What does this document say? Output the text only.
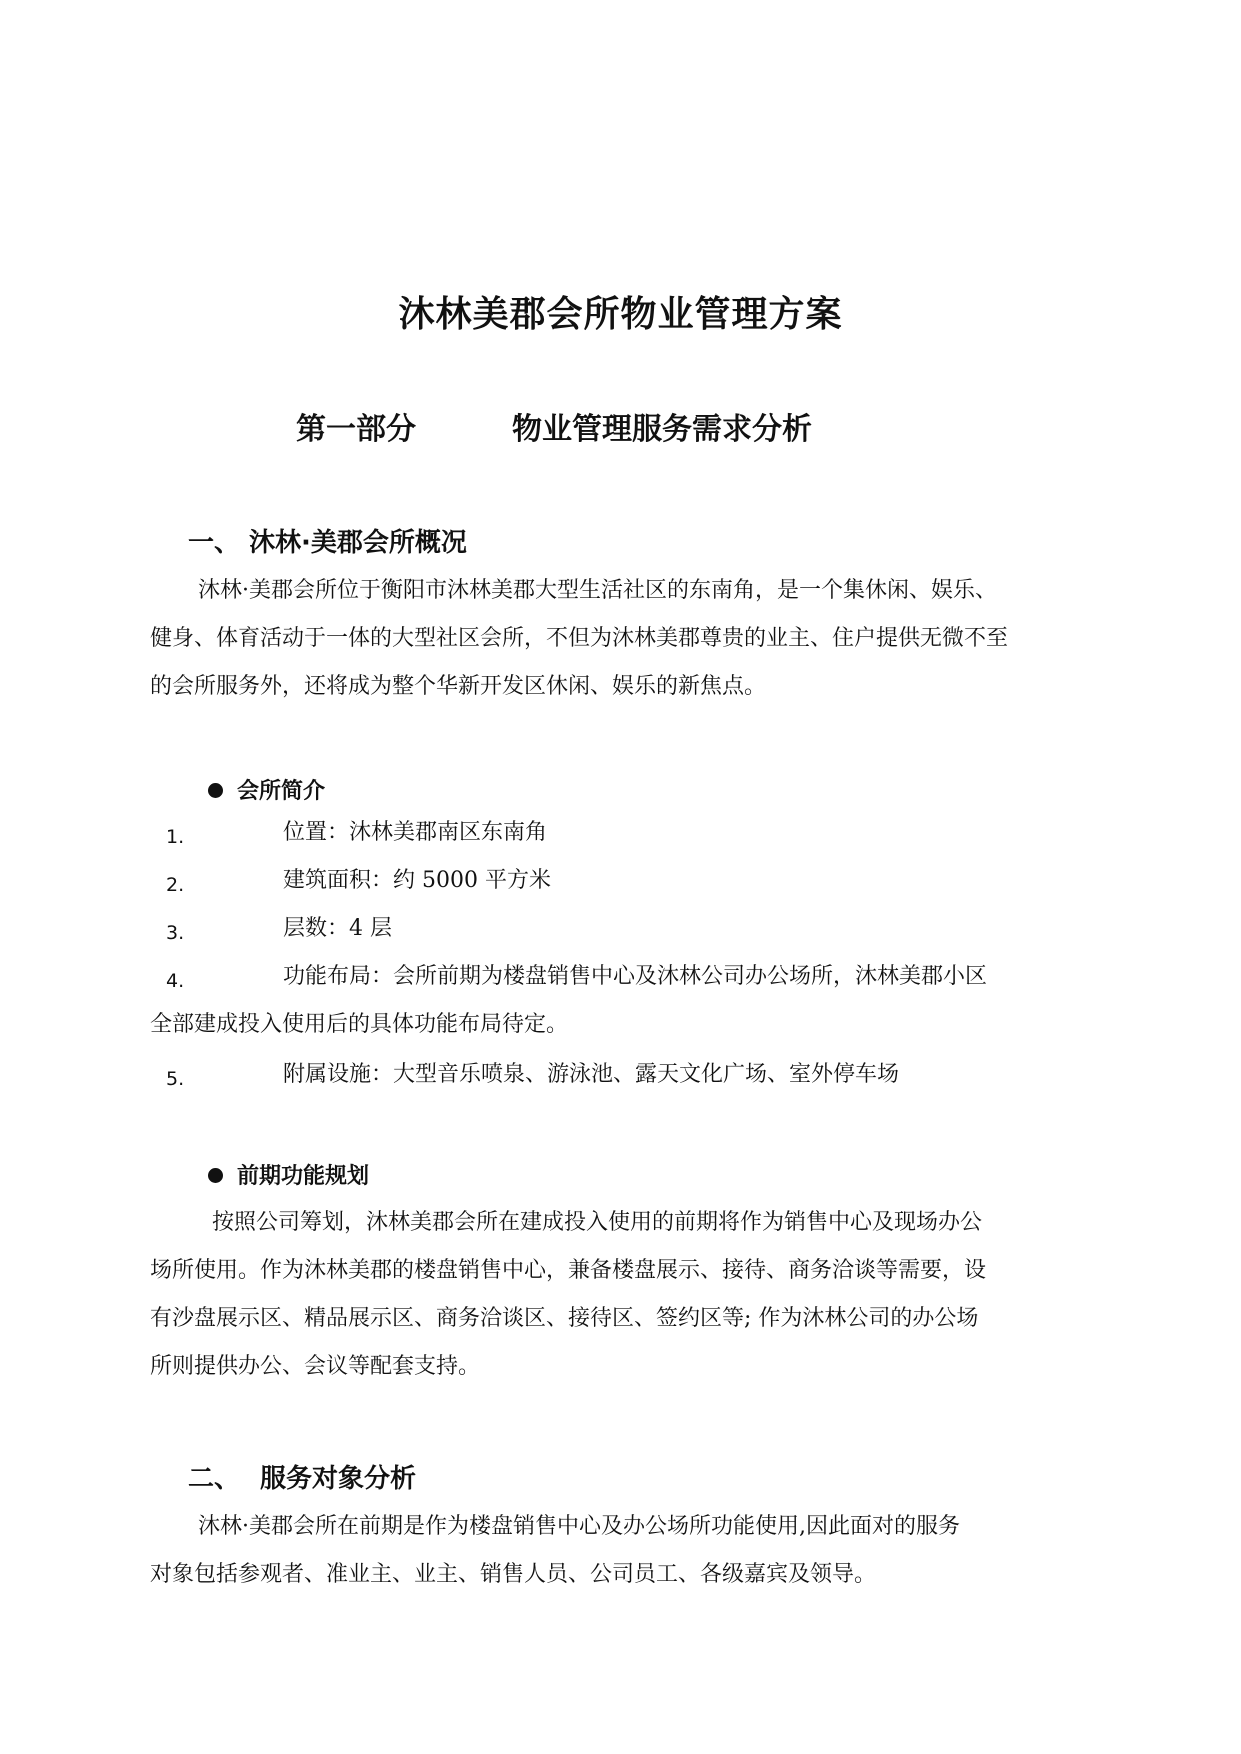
沐林美郡会所物业管理方案
第一部分	物业管理服务需求分析
一、 沐林·美郡会所概况
沐林·美郡会所位于衡阳市沐林美郡大型生活社区的东南角，是一个集休闲、娱乐、
健身、体育活动于一体的大型社区会所，不但为沐林美郡尊贵的业主、住户提供无微不至
的会所服务外，还将成为整个华新开发区休闲、娱乐的新焦点。
会所简介
1.	位置：沐林美郡南区东南角
2.	建筑面积：约 5000 平方米
3.	层数：4 层
4.	功能布局：会所前期为楼盘销售中心及沐林公司办公场所，沐林美郡小区
全部建成投入使用后的具体功能布局待定。
5.	附属设施：大型音乐喷泉、游泳池、露天文化广场、室外停车场
前期功能规划
按照公司筹划，沐林美郡会所在建成投入使用的前期将作为销售中心及现场办公
场所使用。作为沐林美郡的楼盘销售中心，兼备楼盘展示、接待、商务洽谈等需要，设
有沙盘展示区、精品展示区、商务洽谈区、接待区、签约区等; 作为沐林公司的办公场
所则提供办公、会议等配套支持。
二、 服务对象分析
沐林·美郡会所在前期是作为楼盘销售中心及办公场所功能使用,因此面对的服务
对象包括参观者、准业主、业主、销售人员、公司员工、各级嘉宾及领导。
